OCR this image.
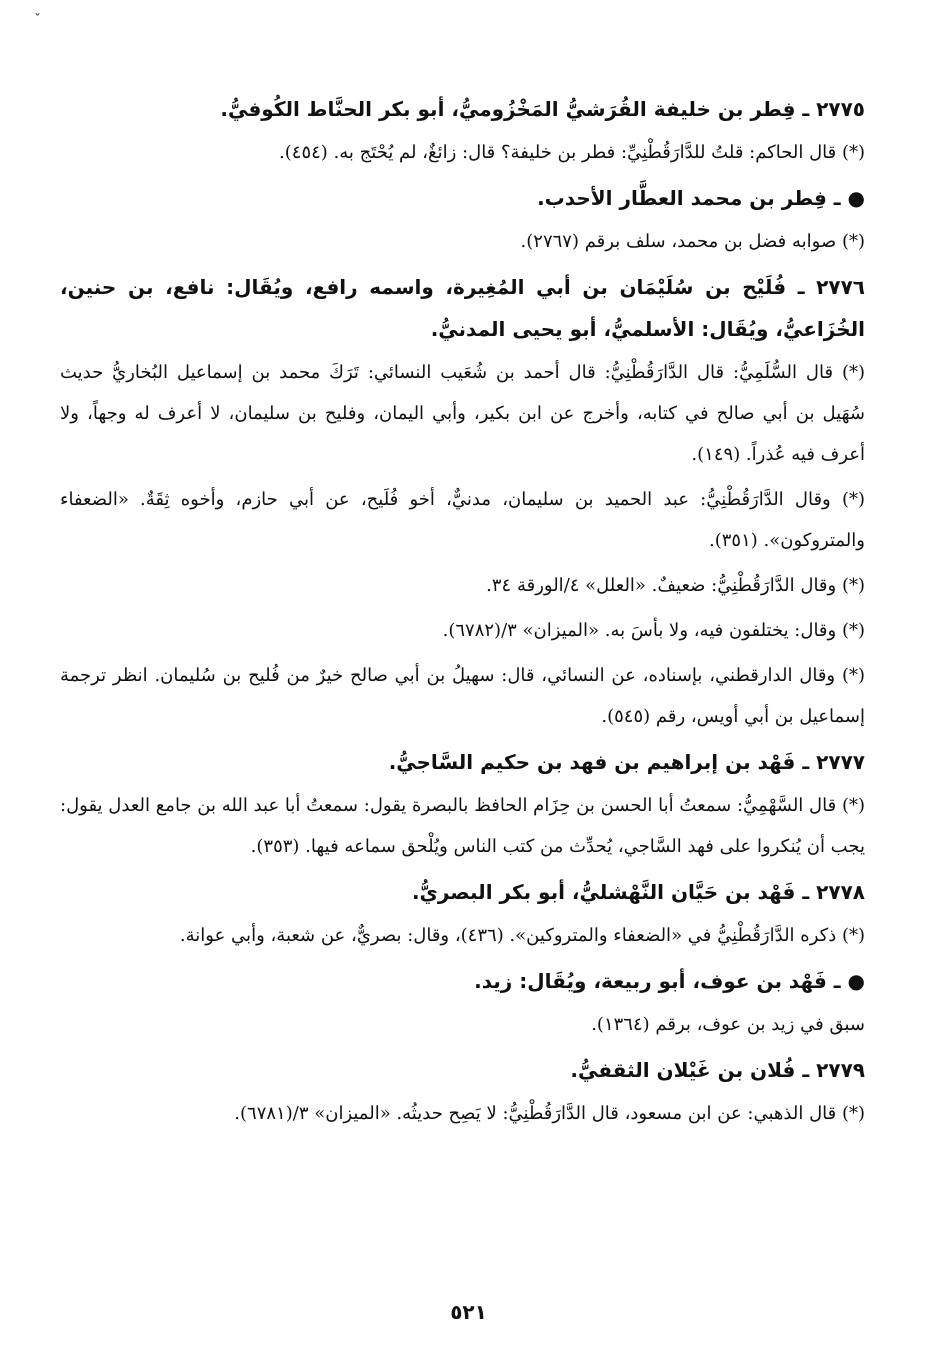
ˇ
٢٧٧٥ ـ فِطر بن خليفة القُرَشيُّ المَخْزُوميُّ، أبو بكر الحنَّاط الكُوفيُّ.

(*) قال الحاكم: قلتُ للدَّارَقُطْنِيِّ: فطر بن خليفة؟ قال: زائغٌ، لم يُحْتَج به. (٤٥٤).

● ـ فِطر بن محمد العطَّار الأحدب.

(*) صوابه فضل بن محمد، سلف برقم (٢٧٦٧).

٢٧٧٦ ـ فُلَيْح بن سُلَيْمَان بن أبي المُغِيرة، واسمه رافع، ويُقَال: نافع، بن حنين، الخُزَاعيُّ، ويُقَال: الأسلميُّ، أبو يحيى المدنيُّ.

(*) قال السُّلَمِيُّ: قال الدَّارَقُطْنِيُّ: قال أحمد بن شُعَيب النسائي: تَرَكَ محمد بن إسماعيل البُخاريُّ حديث سُهَيل بن أبي صالح في كتابه، وأخرج عن ابن بكير، وأبي اليمان، وفليح بن سليمان، لا أعرف له وجهاً، ولا أعرف فيه عُذراً. (١٤٩).

(*) وقال الدَّارَقُطْنِيُّ: عبد الحميد بن سليمان، مدنيٌّ، أخو فُلَيح، عن أبي حازم، وأخوه ثِقَةٌ. «الضعفاء والمتروكون». (٣٥١).

(*) وقال الدَّارَقُطْنِيُّ: ضعيفٌ. «العلل» ٤/الورقة ٣٤.

(*) وقال: يختلفون فيه، ولا بأسَ به. «الميزان» ٣/(٦٧٨٢).

(*) وقال الدارقطني، بإسناده، عن النسائي، قال: سهيلُ بن أبي صالح خيرٌ من فُليح بن سُليمان. انظر ترجمة إسماعيل بن أبي أويس، رقم (٥٤٥).

٢٧٧٧ ـ فَهْد بن إبراهيم بن فهد بن حكيم السَّاجيُّ.

(*) قال السَّهْمِيُّ: سمعتُ أبا الحسن بن حِزَام الحافظ بالبصرة يقول: سمعتُ أبا عبد الله بن جامع العدل يقول: يجب أن يُنكروا على فهد السَّاجي، يُحدِّث من كتب الناس ويُلْحق سماعه فيها. (٣٥٣).

٢٧٧٨ ـ فَهْد بن حَيَّان النَّهْشليُّ، أبو بكر البصريُّ.

(*) ذكره الدَّارَقُطْنِيُّ في «الضعفاء والمتروكين». (٤٣٦)، وقال: بصريٌّ، عن شعبة، وأبي عوانة.

● ـ فَهْد بن عوف، أبو ربيعة، ويُقَال: زيد.

سبق في زيد بن عوف، برقم (١٣٦٤).

٢٧٧٩ ـ فُلان بن غَيْلان الثقفيُّ.

(*) قال الذهبي: عن ابن مسعود، قال الدَّارَقُطْنِيُّ: لا يَصِح حديثُه. «الميزان» ٣/(٦٧٨١).

٥٢١
